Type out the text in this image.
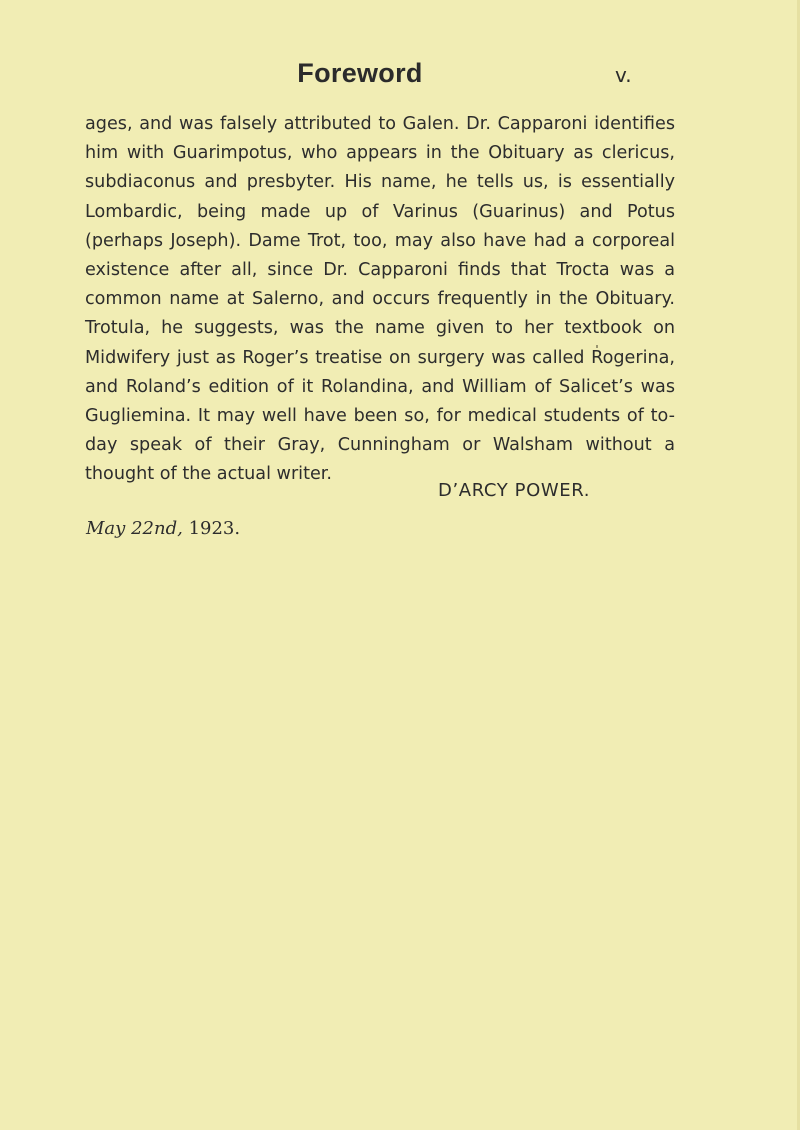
Foreword	v.

ages, and was falsely attributed to Galen. Dr. Capparoni identifies him with Guarimpotus, who appears in the Obituary as clericus, subdiaconus and presbyter. His name, he tells us, is essentially Lombardic, being made up of Varinus (Guarinus) and Potus (perhaps Joseph). Dame Trot, too, may also have had a corporeal existence after all, since Dr. Capparoni finds that Trocta was a common name at Salerno, and occurs frequently in the Obituary. Trotula, he suggests, was the name given to her textbook on Midwifery just as Roger’s treatise on surgery was called Rogerina, and Roland’s edition of it Rolandina, and William of Salicet’s was Gugliemina. It may well have been so, for medical students of to-day speak of their Gray, Cunningham or Walsham without a thought of the actual writer.

D’ARCY POWER.
May 22nd, 1923.
